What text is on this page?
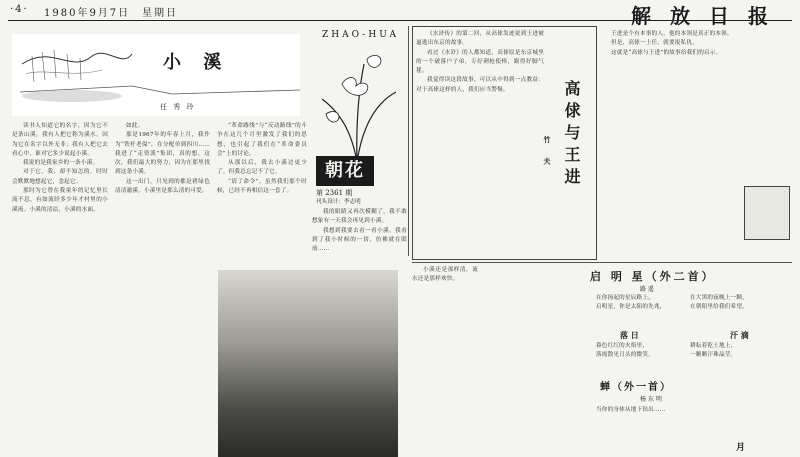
·4· 1980年9月7日 星期日	解 放 日 报
小 溪
任 秀 玲

读书人知道它的名字，因为它不是条山溪，我有人把它称为溪水。因为它在名字以外无非；我有人把它去看心中，谁对它多少说起小溪。

我说的是我家乡的一条小溪。

对于它，我，却不知怎的，时时会默默地想起它，念起它。

那时为它曾在我童年的记忆里长流不息，有如流经多少年才村里的小溪流。小溪的清凉，小溪的水面。

如此。

那是1967年的年春上月，我作为“铁杆老保”，在分配单到四川……我进了“走资派”集团，真的想，这次，我们最大的努力，因为在那里找到这条小溪。

这一出门，只见到的都是碧绿色清清澈溪，小溪里是那么清的可爱。

“革命路线”与“反动路线”的斗争在这几个月里激发了我们的思想，也引起了我们在“革命委员会”上的讨论。

从那以后，我去小溪边更少了。但我总忘记不了它。

“请了命令”。虽然我们那个时候，已经不再相信这一套了。

ZHAO-HUA
朝花
第 2361 期
刊头设计：李志明

我的眼睛又再次模糊了，我不敢想象有一天我会再见到小溪。

我想到我要去看一看小溪，我看到了我小时候的一切，仿佛就在眼前……

《水浒传》的第二回，从高俅发迹说到王进被逼逃出东京的故事。

看过《水浒》的人都知道，高俅原是东京城里的一个破落户子弟，专好刺枪使棒，踢得好脚气毬。

我觉得读这段故事，可以从中得到一点教益：对于高俅这样的人，我们应当警惕。	高俅与王进
竹 夫

王进是个有本事的人，他的本领是真正的本领。

但是，高俅一上任，就要报私仇。

这就是“高俅与王进”的故事给我们的启示。

小溪还是那样清，流水还是那样欢快。	启 明 星（外二首）
路 遥

在你扬起的星辰路上，

启明星，你是太阳的先兆，

在大黑的夜晚上一颗，

在朝阳里给我们希望。

落 日	汗 滴

暮色红红的火焰里，

落霞散见日头的微笑。

耕耘着乾土地上，

一颗颗汗珠晶莹。

蝉（外一首）
杨 东 明

当你的身体从地下钻出……

月
